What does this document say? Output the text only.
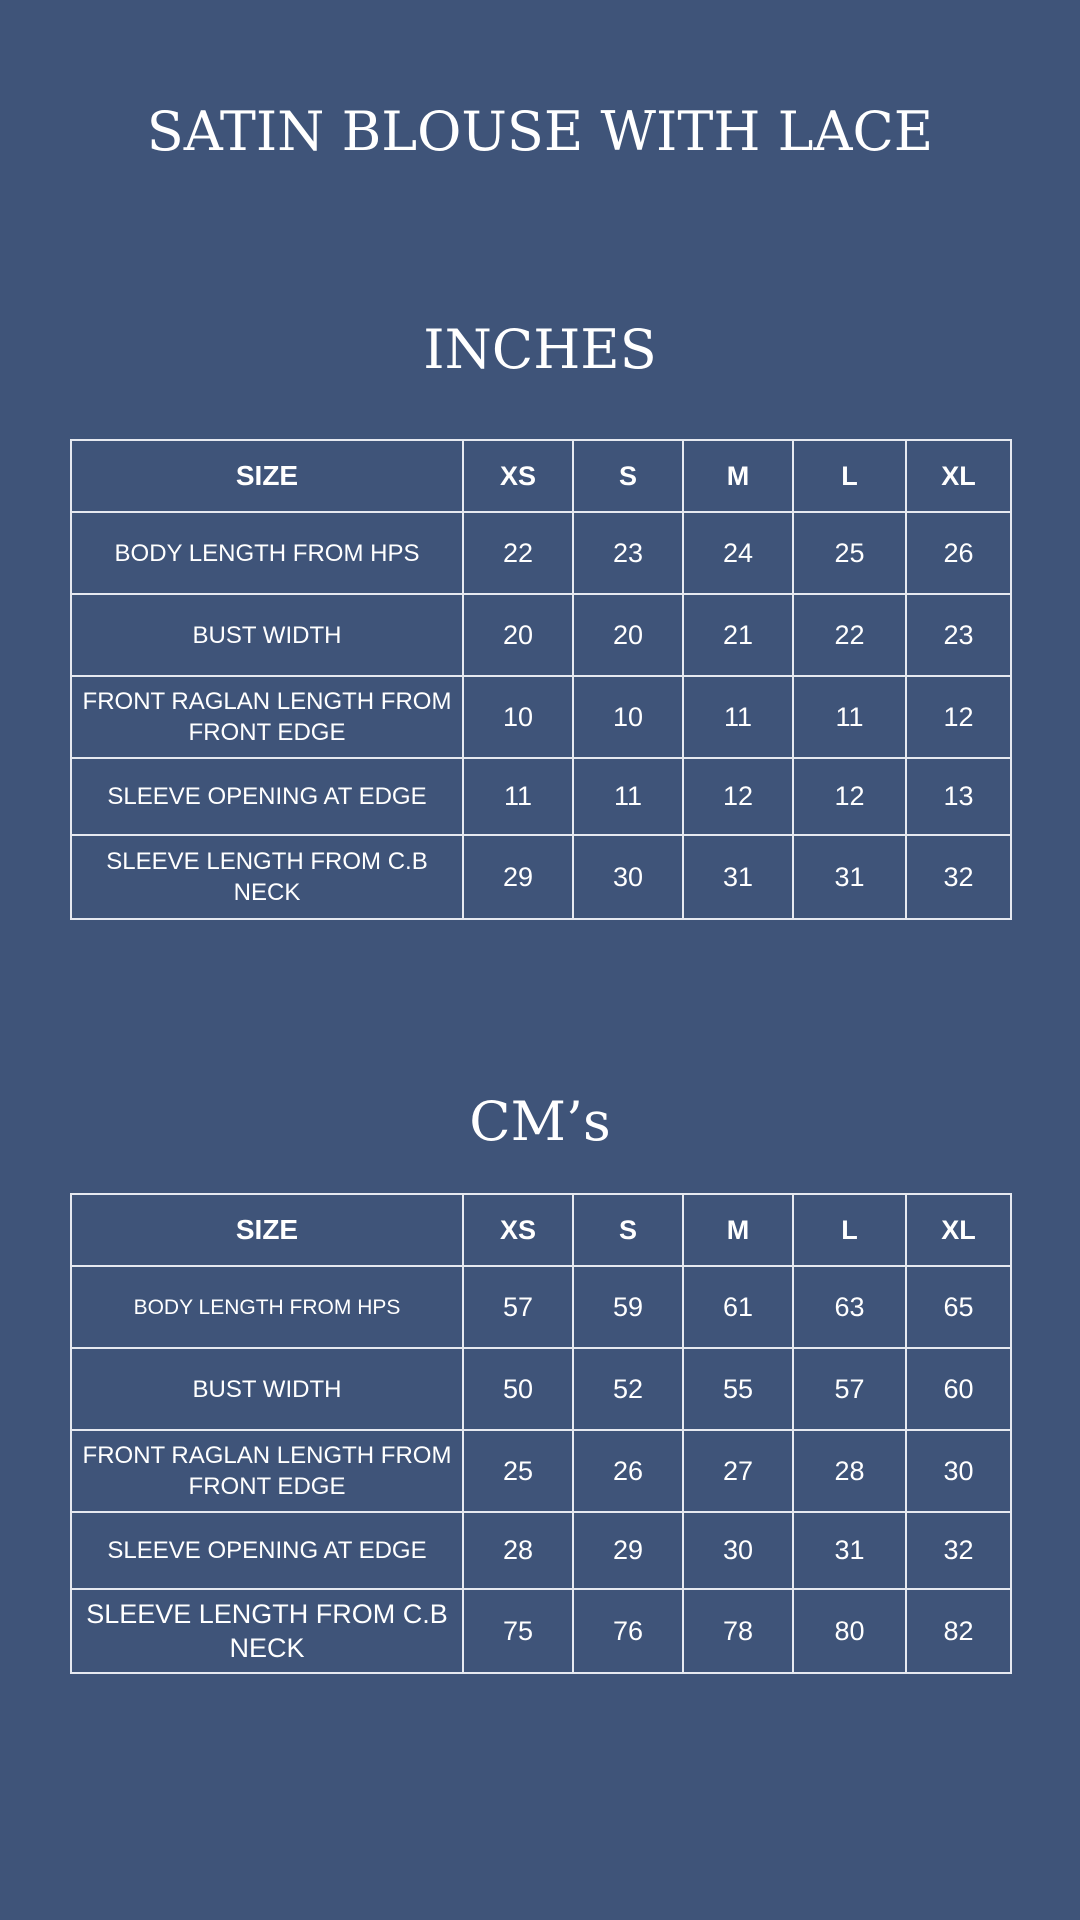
SATIN BLOUSE WITH LACE
INCHES
SIZE	XS	S	M	L	XL
BODY LENGTH FROM HPS	22	23	24	25	26
BUST WIDTH	20	20	21	22	23
FRONT RAGLAN LENGTH FROM FRONT EDGE	10	10	11	11	12
SLEEVE OPENING AT EDGE	11	11	12	12	13
SLEEVE LENGTH FROM C.B NECK	29	30	31	31	32
CM’s
SIZE	XS	S	M	L	XL
BODY LENGTH FROM HPS	57	59	61	63	65
BUST WIDTH	50	52	55	57	60
FRONT RAGLAN LENGTH FROM FRONT EDGE	25	26	27	28	30
SLEEVE OPENING AT EDGE	28	29	30	31	32
SLEEVE LENGTH FROM C.B NECK	75	76	78	80	82
